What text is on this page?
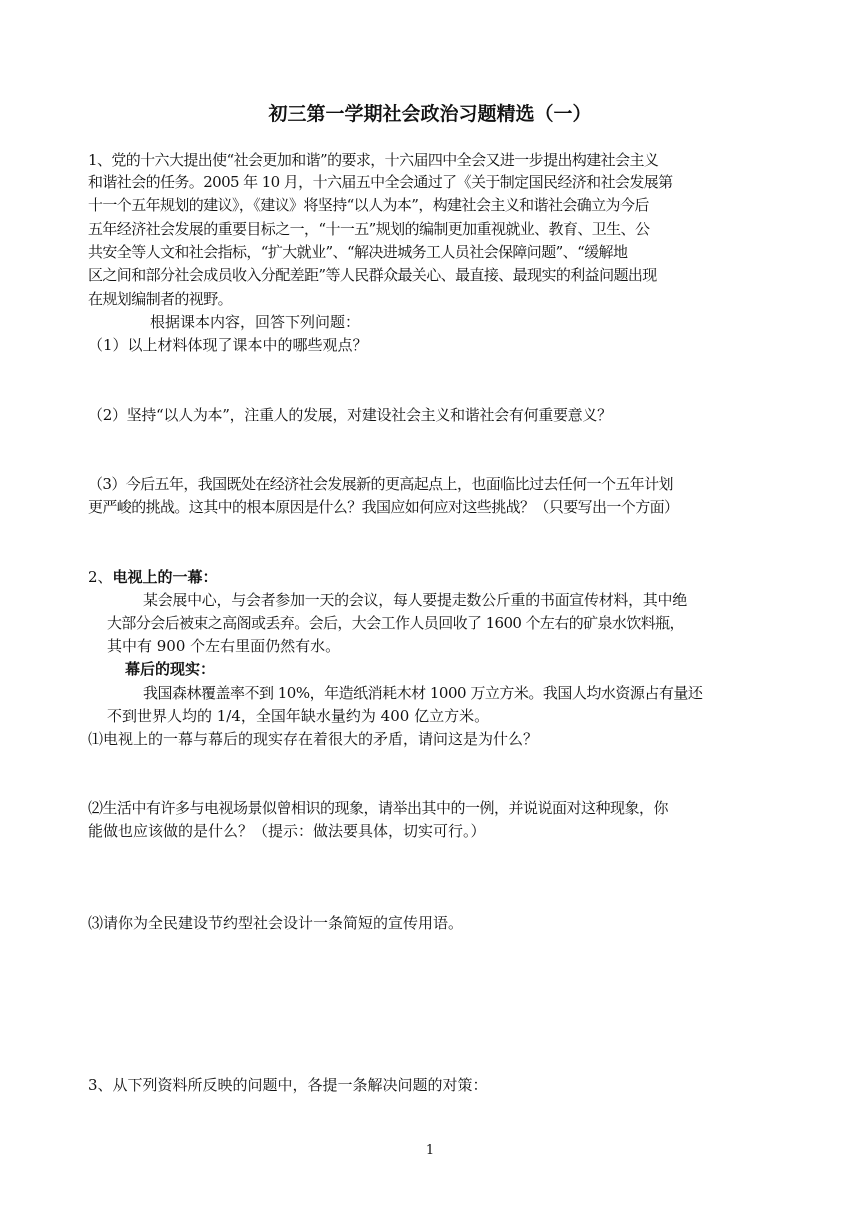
初三第一学期社会政治习题精选（一）
1、党的十六大提出使“社会更加和谐”的要求，十六届四中全会又进一步提出构建社会主义
和谐社会的任务。2005 年 10 月，十六届五中全会通过了《关于制定国民经济和社会发展第
十一个五年规划的建议》，《建议》将坚持“以人为本”，构建社会主义和谐社会确立为今后
五年经济社会发展的重要目标之一，“十一五”规划的编制更加重视就业、教育、卫生、公
共安全等人文和社会指标，“扩大就业”、“解决进城务工人员社会保障问题”、“缓解地
区之间和部分社会成员收入分配差距”等人民群众最关心、最直接、最现实的利益问题出现
在规划编制者的视野。
根据课本内容，回答下列问题：
（1）以上材料体现了课本中的哪些观点？
（2）坚持“以人为本”，注重人的发展，对建设社会主义和谐社会有何重要意义？
（3）今后五年，我国既处在经济社会发展新的更高起点上，也面临比过去任何一个五年计划
更严峻的挑战。这其中的根本原因是什么？我国应如何应对这些挑战？（只要写出一个方面）
2、电视上的一幕：
某会展中心，与会者参加一天的会议，每人要提走数公斤重的书面宣传材料，其中绝
大部分会后被束之高阁或丢弃。会后，大会工作人员回收了 1600 个左右的矿泉水饮料瓶，
其中有 900 个左右里面仍然有水。
幕后的现实：
我国森林覆盖率不到 10%，年造纸消耗木材 1000 万立方米。我国人均水资源占有量还
不到世界人均的 1/4，全国年缺水量约为 400 亿立方米。
⑴电视上的一幕与幕后的现实存在着很大的矛盾，请问这是为什么？
⑵生活中有许多与电视场景似曾相识的现象，请举出其中的一例，并说说面对这种现象，你
能做也应该做的是什么？（提示：做法要具体，切实可行。）
⑶请你为全民建设节约型社会设计一条简短的宣传用语。
3、从下列资料所反映的问题中，各提一条解决问题的对策：
1
